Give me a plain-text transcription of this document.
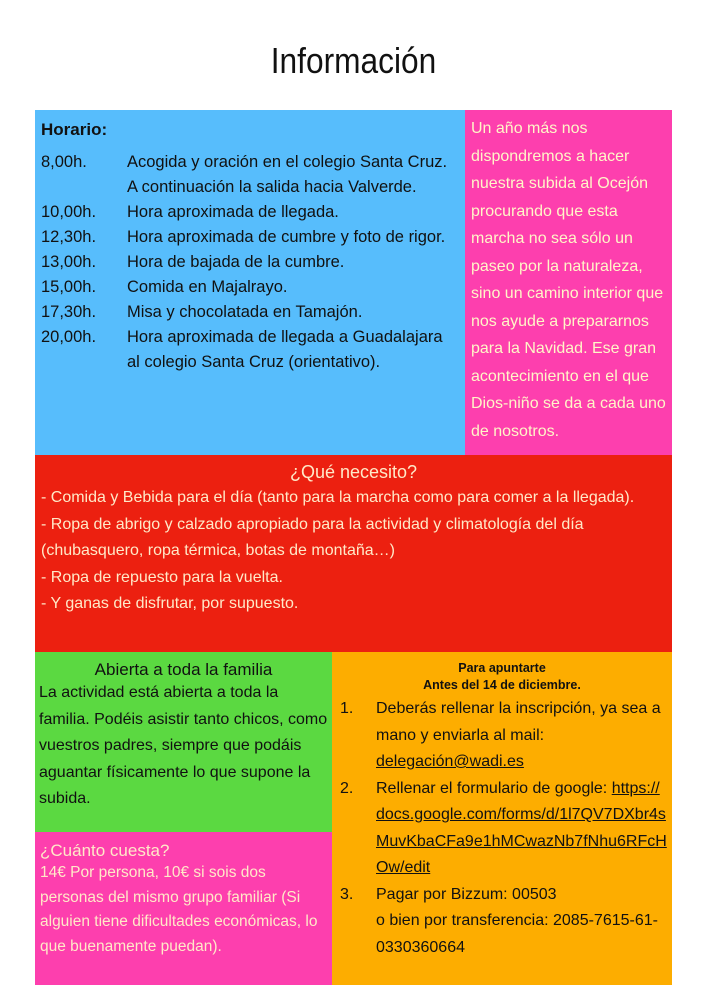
Información
Horario:
8,00h.	Acogida y oración en el colegio Santa Cruz. A continuación la salida hacia Valverde.
10,00h.	Hora aproximada de llegada.
12,30h.	Hora aproximada de cumbre y foto de rigor.
13,00h.	Hora de bajada de la cumbre.
15,00h.	Comida en Majalrayo.
17,30h.	Misa y chocolatada en Tamajón.
20,00h.	Hora aproximada de llegada a Guadalajara al colegio Santa Cruz (orientativo).
Un año más nos dispondremos a hacer nuestra subida al Ocejón procurando que esta marcha no sea sólo un paseo por la naturaleza, sino un camino interior que nos ayude a prepararnos para la Navidad. Ese gran acontecimiento en el que Dios-niño se da a cada uno de nosotros.
¿Qué necesito?
- Comida y Bebida para el día (tanto para la marcha como para comer a la llegada).
- Ropa de abrigo y calzado apropiado para la actividad y climatología del día (chubasquero, ropa térmica, botas de montaña…)
- Ropa de repuesto para la vuelta.
- Y ganas de disfrutar, por supuesto.
Abierta a toda la familia
La actividad está abierta a toda la familia. Podéis asistir tanto chicos, como vuestros padres, siempre que podáis aguantar físicamente lo que supone la subida.
¿Cuánto cuesta?
14€ Por persona, 10€ si sois dos personas del mismo grupo familiar (Si alguien tiene dificultades económicas, lo que buenamente puedan).
Para apuntarte
Antes del 14 de diciembre.
1.	Deberás rellenar la inscripción, ya sea a mano y enviarla al mail: delegación@wadi.es
2.	Rellenar el formulario de google: https://docs.google.com/forms/d/1l7QV7DXbr4sMuvKbaCFa9e1hMCwazNb7fNhu6RFcHOw/edit
3.	Pagar por Bizzum: 00503
o bien por transferencia: 2085-7615-61-0330360664
